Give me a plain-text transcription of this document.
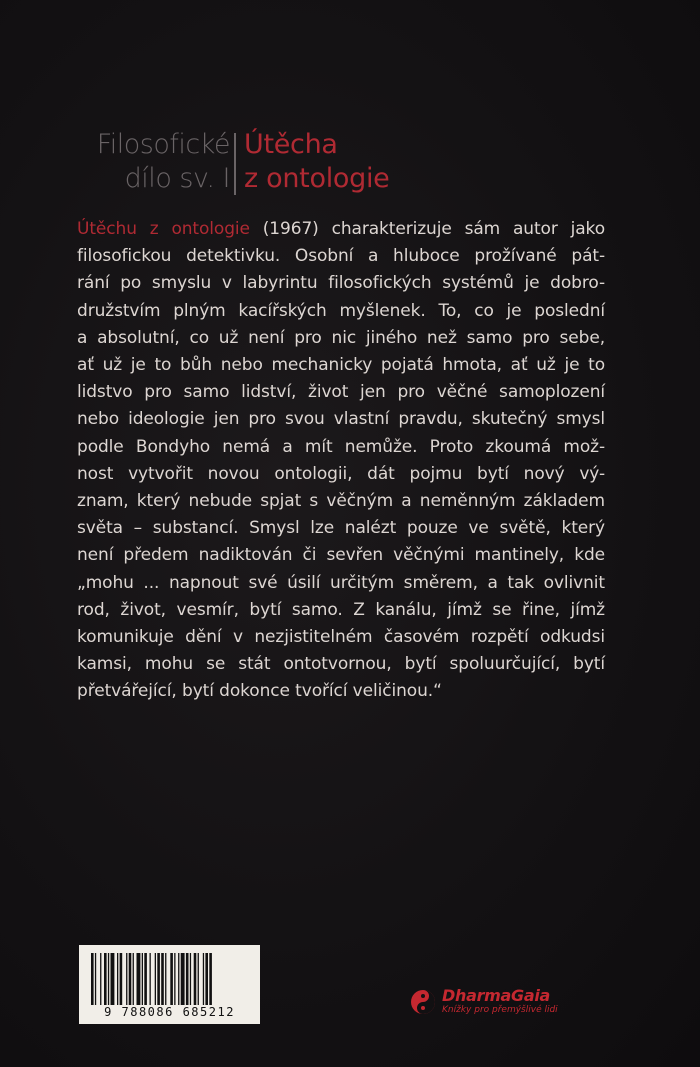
Filosofické
dílo sv. I
Útěcha
z ontologie
Útěchu z ontologie (1967) charakterizuje sám autor jako
filosofickou detektivku. Osobní a hluboce prožívané pát-
rání po smyslu v labyrintu filosofických systémů je dobro-
družstvím plným kacířských myšlenek. To, co je poslední
a absolutní, co už není pro nic jiného než samo pro sebe,
ať už je to bůh nebo mechanicky pojatá hmota, ať už je to
lidstvo pro samo lidství, život jen pro věčné samoplození
nebo ideologie jen pro svou vlastní pravdu, skutečný smysl
podle Bondyho nemá a mít nemůže. Proto zkoumá mož-
nost vytvořit novou ontologii, dát pojmu bytí nový vý-
znam, který nebude spjat s věčným a neměnným základem
světa – substancí. Smysl lze nalézt pouze ve světě, který
není předem nadiktován či sevřen věčnými mantinely, kde
„mohu ... napnout své úsilí určitým směrem, a tak ovlivnit
rod, život, vesmír, bytí samo. Z kanálu, jímž se řine, jímž
komunikuje dění v nezjistitelném časovém rozpětí odkudsi
kamsi, mohu se stát ontotvornou, bytí spoluurčující, bytí
přetvářející, bytí dokonce tvořící veličinou.“
9 788086 685212
DharmaGaia
Knížky pro přemýšlivé lidi
